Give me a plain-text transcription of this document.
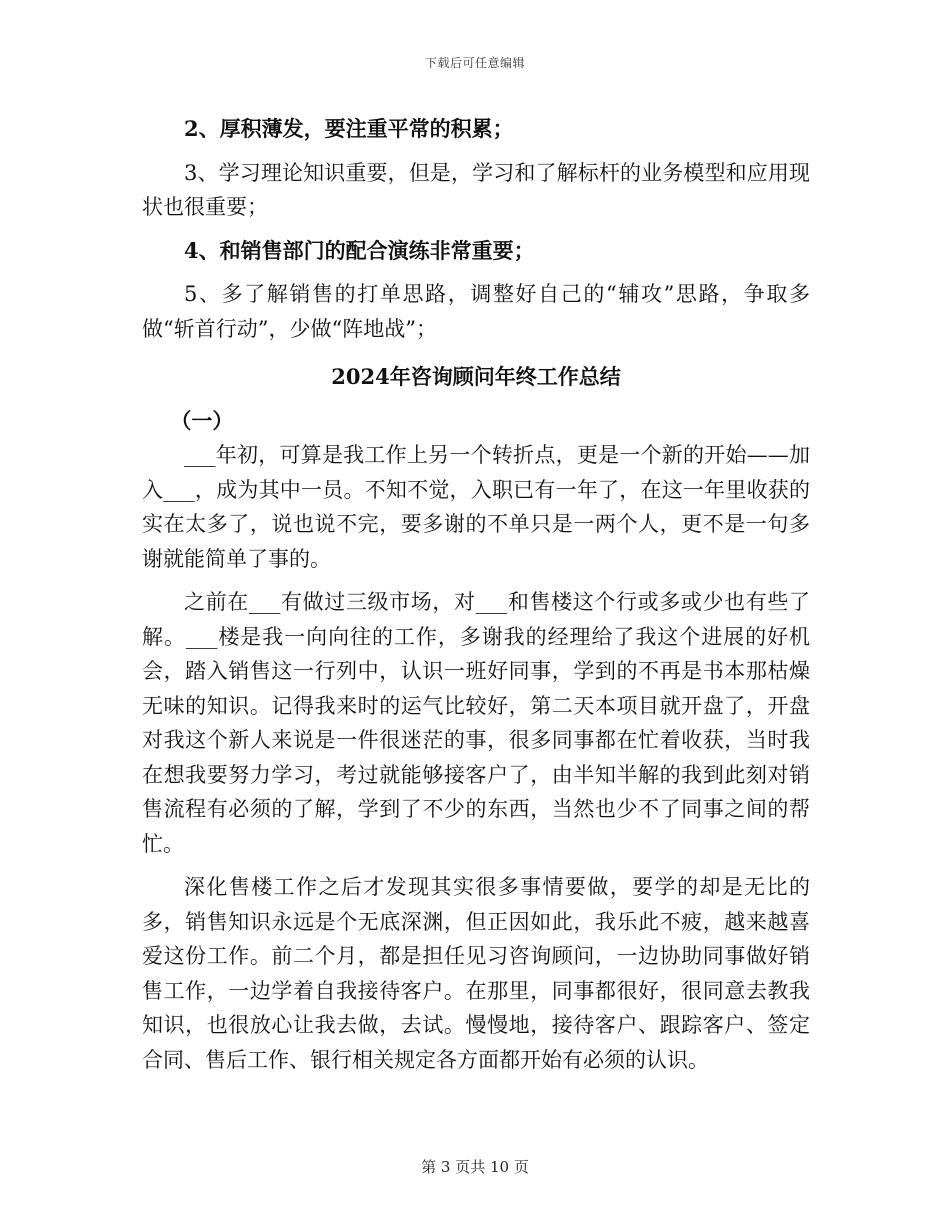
下载后可任意编辑

2、厚积薄发，要注重平常的积累；

3、学习理论知识重要，但是，学习和了解标杆的业务模型和应用现状也很重要；

4、和销售部门的配合演练非常重要；

5、多了解销售的打单思路，调整好自己的“辅攻”思路，争取多做“斩首行动”，少做“阵地战”；

2024年咨询顾问年终工作总结
（一）

___年初，可算是我工作上另一个转折点，更是一个新的开始——加入___，成为其中一员。不知不觉，入职已有一年了，在这一年里收获的实在太多了，说也说不完，要多谢的不单只是一两个人，更不是一句多谢就能简单了事的。

之前在___有做过三级市场，对___和售楼这个行或多或少也有些了解。___楼是我一向向往的工作，多谢我的经理给了我这个进展的好机会，踏入销售这一行列中，认识一班好同事，学到的不再是书本那枯燥无味的知识。记得我来时的运气比较好，第二天本项目就开盘了，开盘对我这个新人来说是一件很迷茫的事，很多同事都在忙着收获，当时我在想我要努力学习，考过就能够接客户了，由半知半解的我到此刻对销售流程有必须的了解，学到了不少的东西，当然也少不了同事之间的帮忙。

深化售楼工作之后才发现其实很多事情要做，要学的却是无比的多，销售知识永远是个无底深渊，但正因如此，我乐此不疲，越来越喜爱这份工作。前二个月，都是担任见习咨询顾问，一边协助同事做好销售工作，一边学着自我接待客户。在那里，同事都很好，很同意去教我知识，也很放心让我去做，去试。慢慢地，接待客户、跟踪客户、签定合同、售后工作、银行相关规定各方面都开始有必须的认识。

第 3 页共 10 页
